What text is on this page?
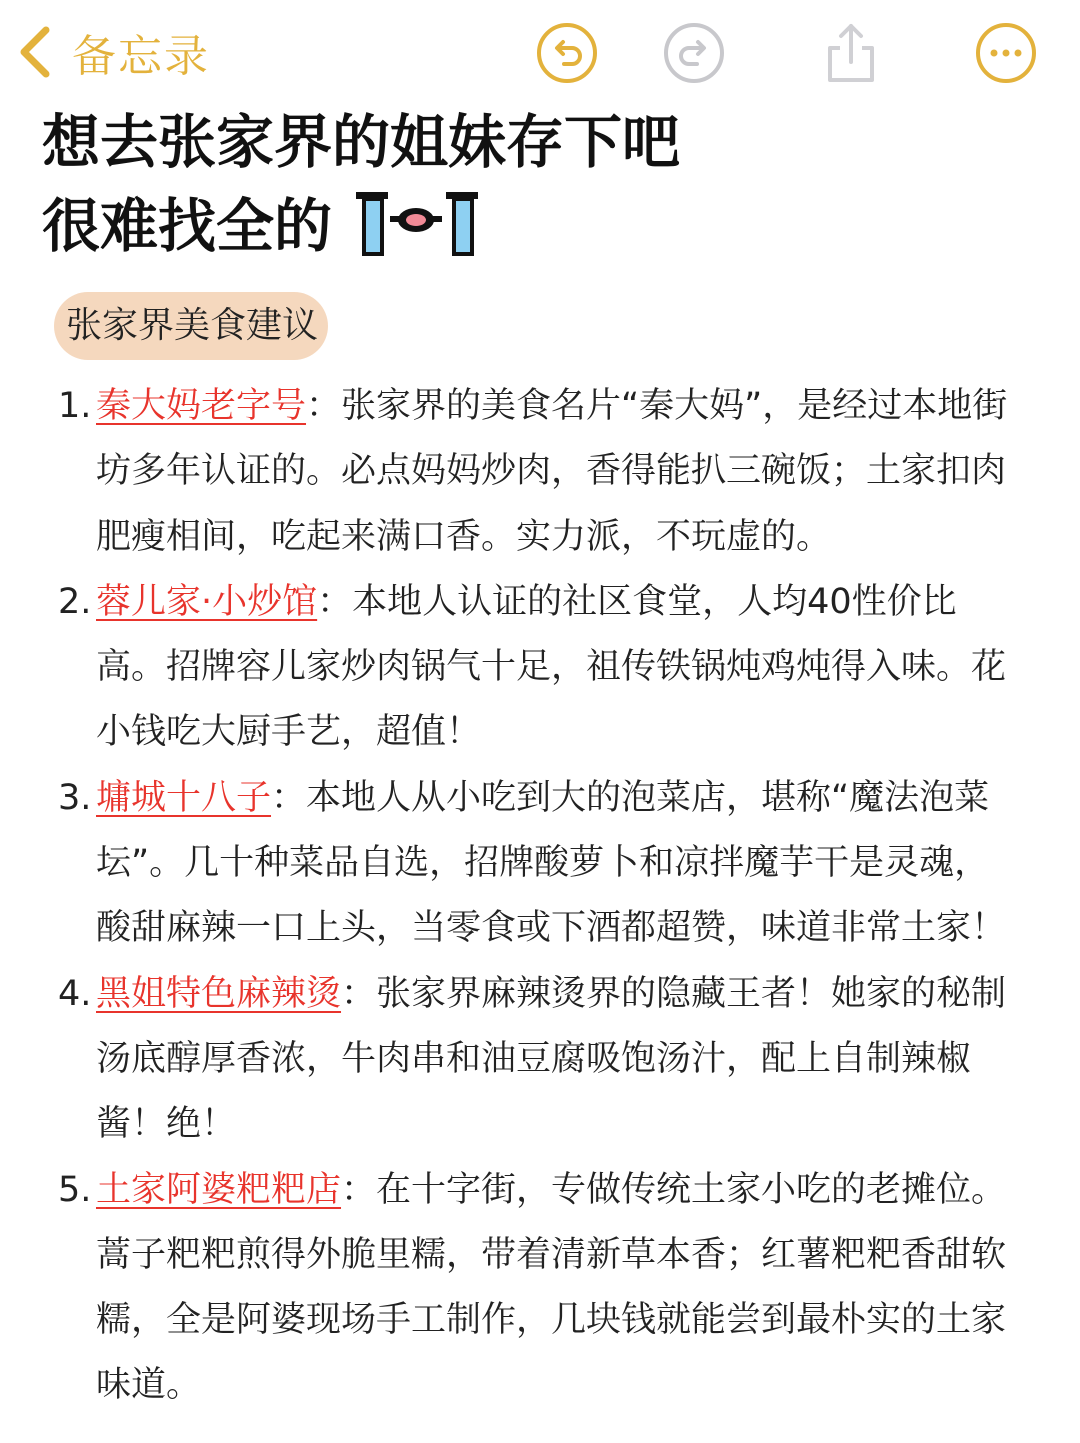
备忘录
想去张家界的姐妹存下吧
很难找全的
张家界美食建议
1. 秦大妈老字号：张家界的美食名片“秦大妈”，是经过本地街坊多年认证的。必点妈妈炒肉，香得能扒三碗饭；土家扣肉肥瘦相间，吃起来满口香。实力派，不玩虚的。
2. 蓉儿家·小炒馆：本地人认证的社区食堂，人均40性价比高。招牌容儿家炒肉锅气十足，祖传铁锅炖鸡炖得入味。花小钱吃大厨手艺，超值！
3. 墉城十八子：本地人从小吃到大的泡菜店，堪称“魔法泡菜坛”。几十种菜品自选，招牌酸萝卜和凉拌魔芋干是灵魂，酸甜麻辣一口上头，当零食或下酒都超赞，味道非常土家！
4. 黑姐特色麻辣烫：张家界麻辣烫界的隐藏王者！她家的秘制汤底醇厚香浓，牛肉串和油豆腐吸饱汤汁，配上自制辣椒酱！绝！
5. 土家阿婆粑粑店：在十字街，专做传统土家小吃的老摊位。蒿子粑粑煎得外脆里糯，带着清新草本香；红薯粑粑香甜软糯，全是阿婆现场手工制作，几块钱就能尝到最朴实的土家味道。
